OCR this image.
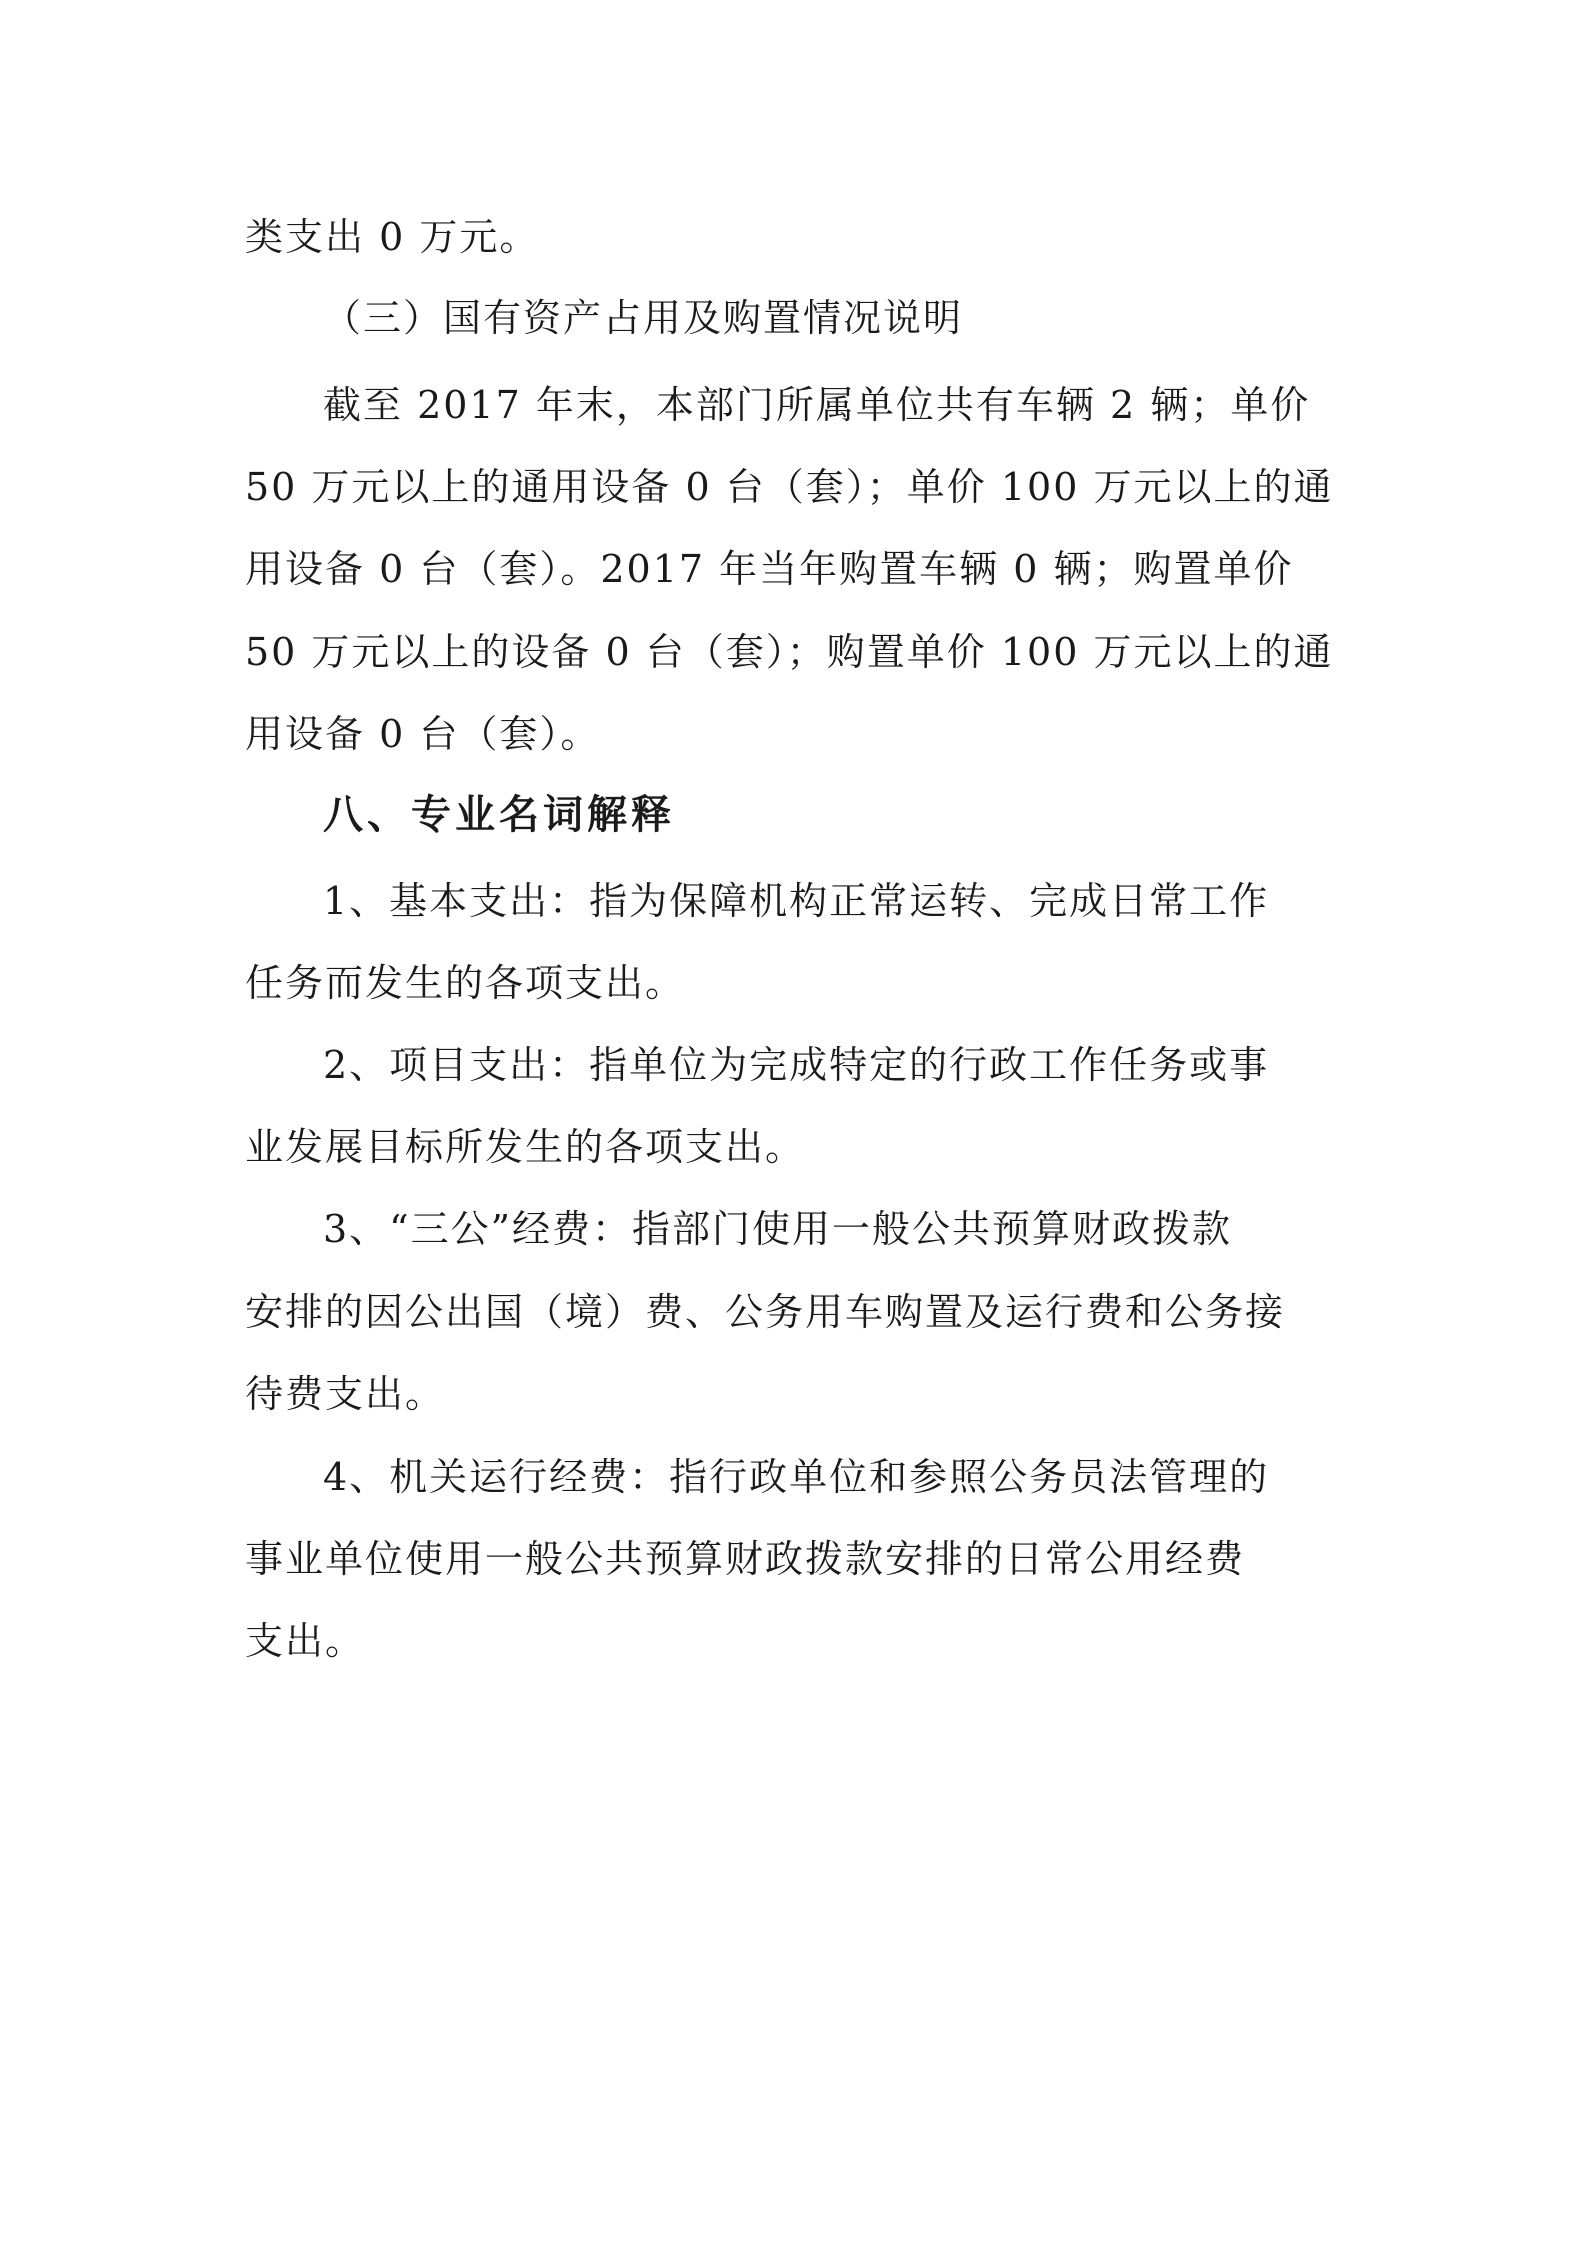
类支出 0 万元。
（三）国有资产占用及购置情况说明
截至 2017 年末，本部门所属单位共有车辆 2 辆；单价
50 万元以上的通用设备 0 台（套）；单价 100 万元以上的通
用设备 0 台（套）。2017 年当年购置车辆 0 辆；购置单价
50 万元以上的设备 0 台（套）；购置单价 100 万元以上的通
用设备 0 台（套）。
八、专业名词解释
1、基本支出：指为保障机构正常运转、完成日常工作
任务而发生的各项支出。
2、项目支出：指单位为完成特定的行政工作任务或事
业发展目标所发生的各项支出。
3、“三公”经费：指部门使用一般公共预算财政拨款
安排的因公出国（境）费、公务用车购置及运行费和公务接
待费支出。
4、机关运行经费：指行政单位和参照公务员法管理的
事业单位使用一般公共预算财政拨款安排的日常公用经费
支出。
